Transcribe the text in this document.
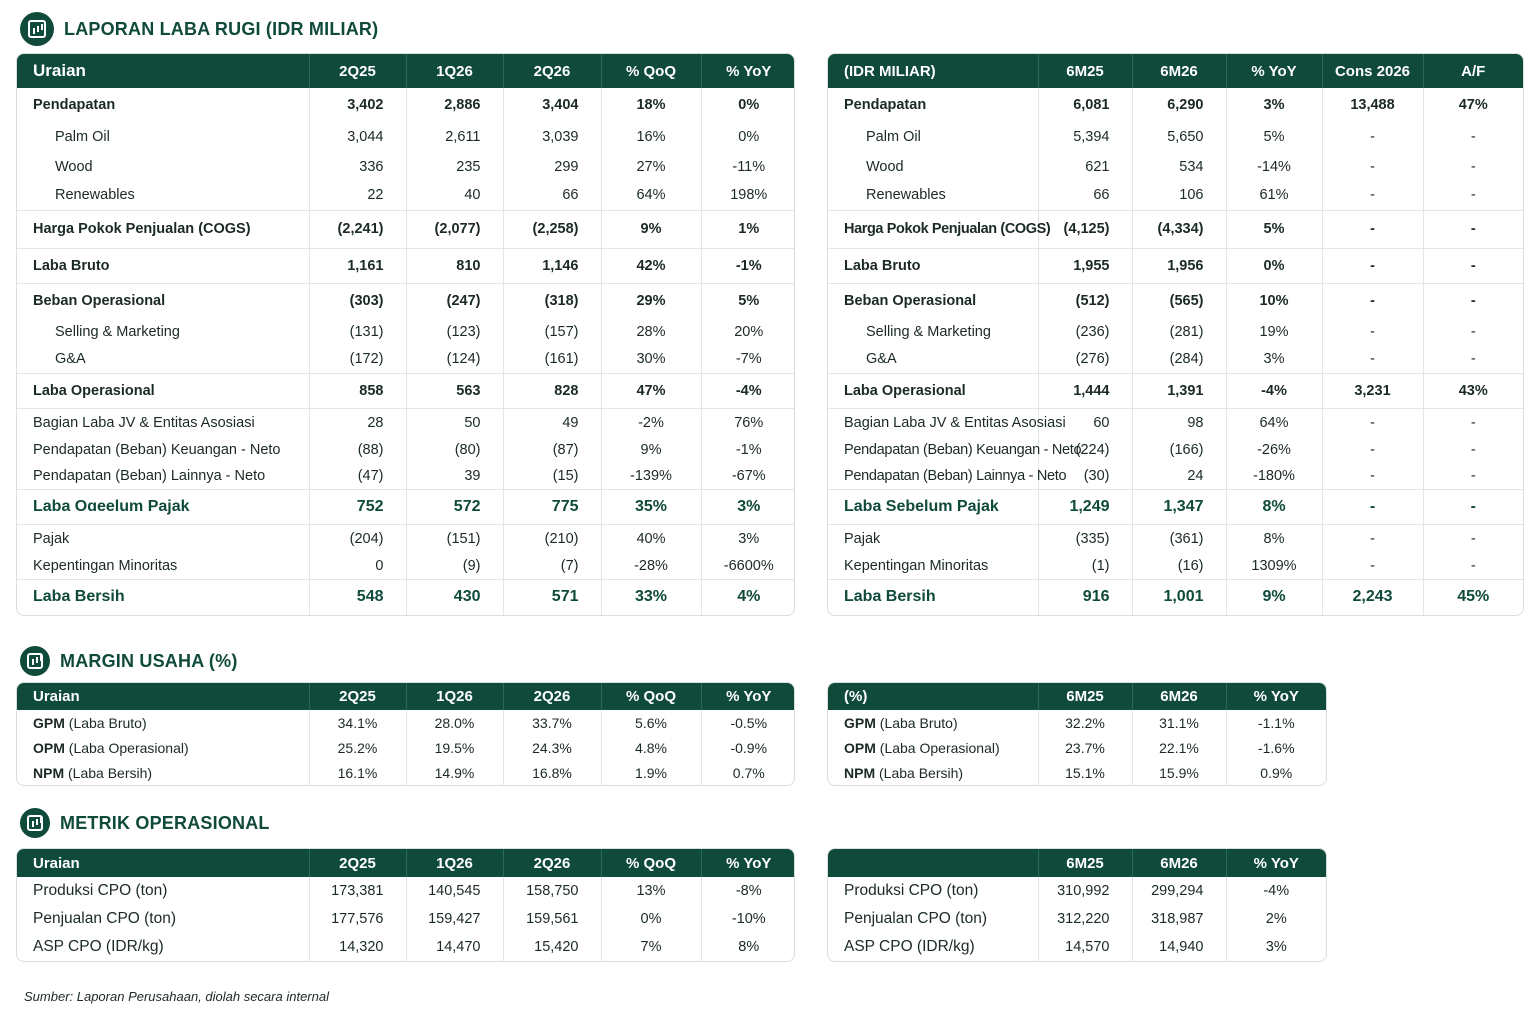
LAPORAN LABA RUGI (IDR MILIAR)
Uraian	2Q25	1Q26	2Q26	% QoQ	% YoY
Pendapatan	3,402	2,886	3,404	18%	0%
Palm Oil	3,044	2,611	3,039	16%	0%
Wood	336	235	299	27%	-11%
Renewables	22	40	66	64%	198%
Harga Pokok Penjualan (COGS)	(2,241)	(2,077)	(2,258)	9%	1%
Laba Bruto	1,161	810	1,146	42%	-1%
Beban Operasional	(303)	(247)	(318)	29%	5%
Selling & Marketing	(131)	(123)	(157)	28%	20%
G&A	(172)	(124)	(161)	30%	-7%
Laba Operasional	858	563	828	47%	-4%
Bagian Laba JV & Entitas Asosiasi	28	50	49	-2%	76%
Pendapatan (Beban) Keuangan - Neto	(88)	(80)	(87)	9%	-1%
Pendapatan (Beban) Lainnya - Neto	(47)	39	(15)	-139%	-67%
Laba Oɑeelum Pajak	752	572	775	35%	3%
Pajak	(204)	(151)	(210)	40%	3%
Kepentingan Minoritas	0	(9)	(7)	-28%	-6600%
Laba Bersih	548	430	571	33%	4%
(IDR MILIAR)	6M25	6M26	% YoY	Cons 2026	A/F
Pendapatan	6,081	6,290	3%	13,488	47%
Palm Oil	5,394	5,650	5%	-	-
Wood	621	534	-14%	-	-
Renewables	66	106	61%	-	-
Harga Pokok Penjualan (COGS)	(4,125)	(4,334)	5%	-	-
Laba Bruto	1,955	1,956	0%	-	-
Beban Operasional	(512)	(565)	10%	-	-
Selling & Marketing	(236)	(281)	19%	-	-
G&A	(276)	(284)	3%	-	-
Laba Operasional	1,444	1,391	-4%	3,231	43%
Bagian Laba JV & Entitas Asosiasi	60	98	64%	-	-
Pendapatan (Beban) Keuangan - Neto	(224)	(166)	-26%	-	-
Pendapatan (Beban) Lainnya - Neto	(30)	24	-180%	-	-
Laba Sebelum Pajak	1,249	1,347	8%	-	-
Pajak	(335)	(361)	8%	-	-
Kepentingan Minoritas	(1)	(16)	1309%	-	-
Laba Bersih	916	1,001	9%	2,243	45%
MARGIN USAHA (%)
Uraian	2Q25	1Q26	2Q26	% QoQ	% YoY
GPM (Laba Bruto)	34.1%	28.0%	33.7%	5.6%	-0.5%
OPM (Laba Operasional)	25.2%	19.5%	24.3%	4.8%	-0.9%
NPM (Laba Bersih)	16.1%	14.9%	16.8%	1.9%	0.7%
(%)	6M25	6M26	% YoY
GPM (Laba Bruto)	32.2%	31.1%	-1.1%
OPM (Laba Operasional)	23.7%	22.1%	-1.6%
NPM (Laba Bersih)	15.1%	15.9%	0.9%
METRIK OPERASIONAL
Uraian	2Q25	1Q26	2Q26	% QoQ	% YoY
Produksi CPO (ton)	173,381	140,545	158,750	13%	-8%
Penjualan CPO (ton)	177,576	159,427	159,561	0%	-10%
ASP CPO (IDR/kg)	14,320	14,470	15,420	7%	8%
	6M25	6M26	% YoY
Produksi CPO (ton)	310,992	299,294	-4%
Penjualan CPO (ton)	312,220	318,987	2%
ASP CPO (IDR/kg)	14,570	14,940	3%
Sumber: Laporan Perusahaan, diolah secara internal
